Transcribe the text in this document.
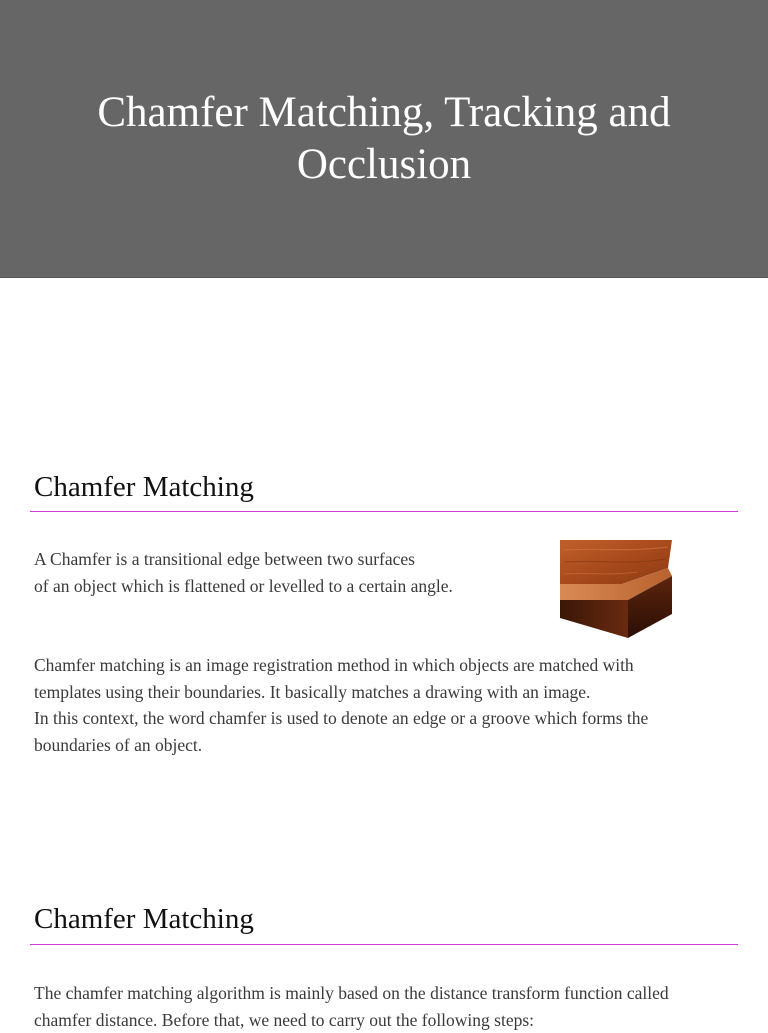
Chamfer Matching, Tracking and Occlusion
Chamfer Matching

A Chamfer is a transitional edge between two surfaces
of an object which is flattened or levelled to a certain angle.

Chamfer matching is an image registration method in which objects are matched with
templates using their boundaries. It basically matches a drawing with an image.
In this context, the word chamfer is used to denote an edge or a groove which forms the
boundaries of an object.

Chamfer Matching

The chamfer matching algorithm is mainly based on the distance transform function called
chamfer distance. Before that, we need to carry out the following steps:
